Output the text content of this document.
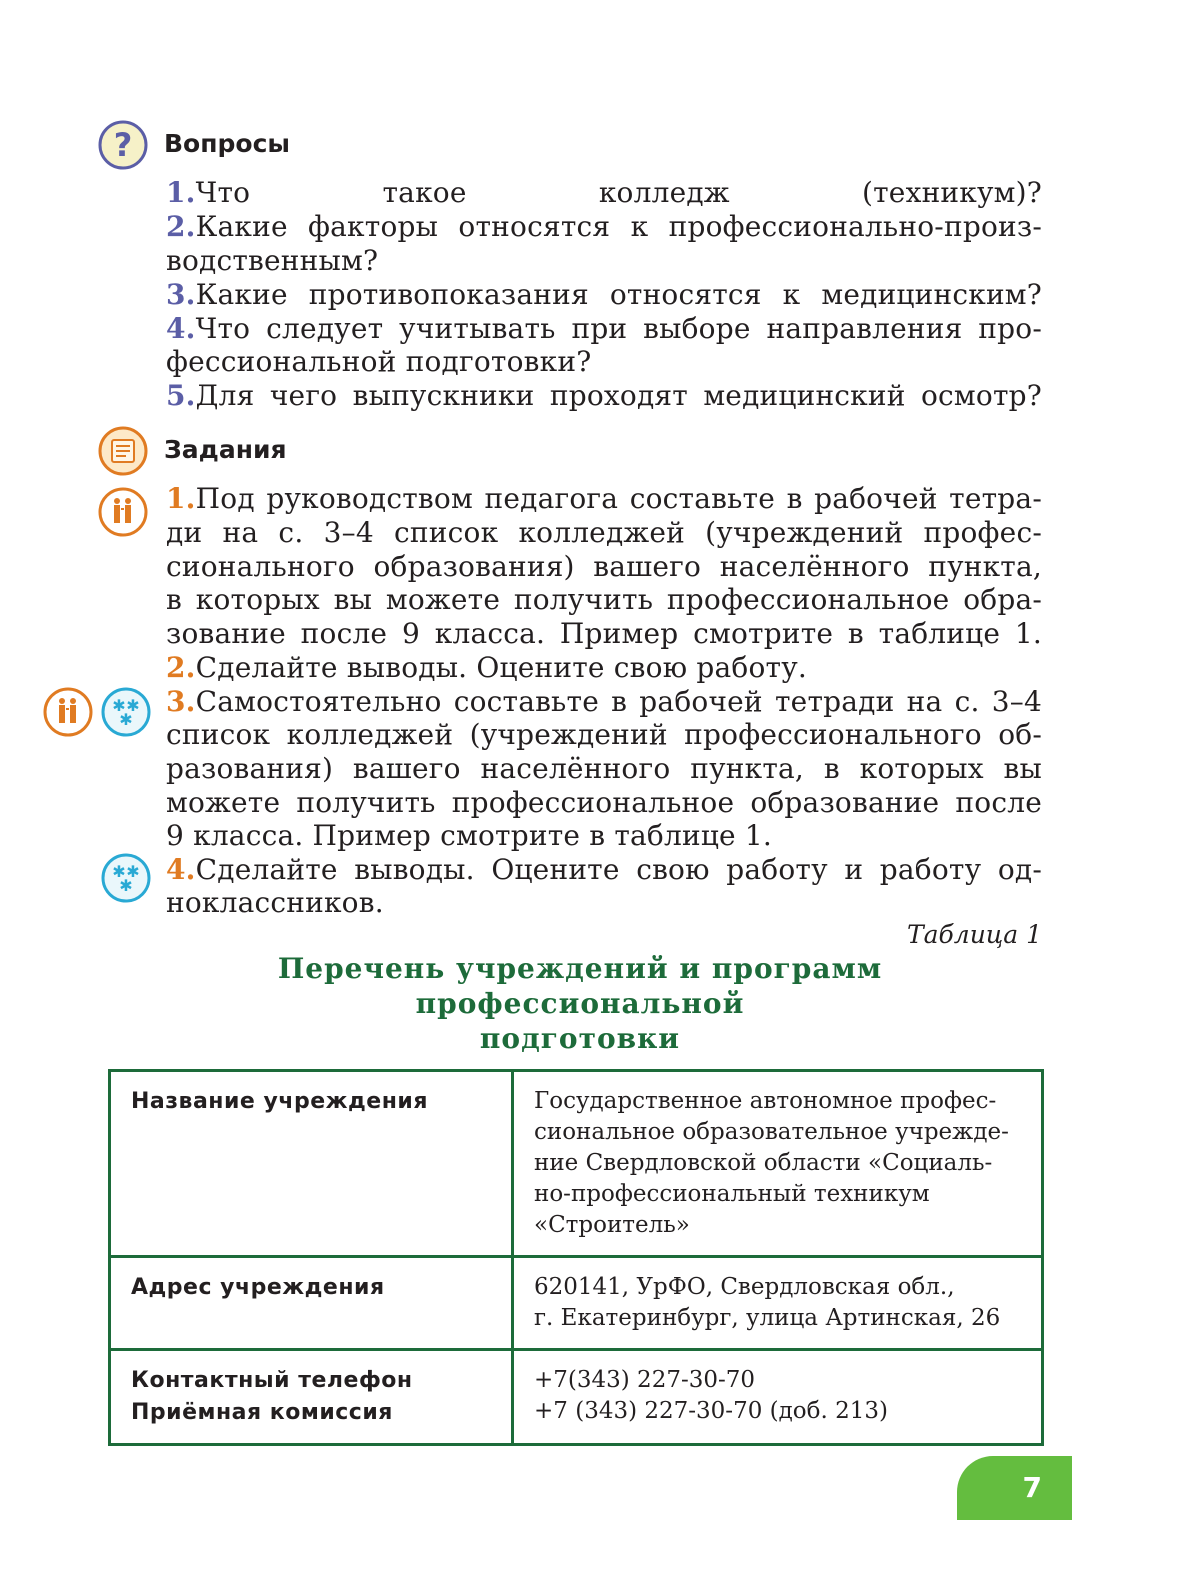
? Вопросы
1.Что такое колледж (техникум)?
2.Какие факторы относятся к профессионально-произ-
водственным?
3.Какие противопоказания относятся к медицинским?
4.Что следует учитывать при выборе направления про-
фессиональной подготовки?
5.Для чего выпускники проходят медицинский осмотр?
Задания
✱ ✱
✱
✱ ✱
✱
1.Под руководством педагога составьте в рабочей тетра-
ди на с. 3–4 список колледжей (учреждений профес-
сионального образования) вашего населённого пункта,
в которых вы можете получить профессиональное обра-
зование после 9 класса. Пример смотрите в таблице 1.
2.Сделайте выводы. Оцените свою работу.
3.Самостоятельно составьте в рабочей тетради на с. 3–4
список колледжей (учреждений профессионального об-
разования) вашего населённого пункта, в которых вы
можете получить профессиональное образование после
9 класса. Пример смотрите в таблице 1.
4.Сделайте выводы. Оцените свою работу и работу од-
ноклассников.
Таблица 1
Перечень учреждений и программ профессиональной
подготовки
Название учреждения	Государственное автономное профес-
сиональное образовательное учрежде-
ние Свердловской области «Социаль-
но-профессиональный техникум
«Строитель»

Адрес учреждения	620141, УрФО, Свердловская обл.,
г. Екатеринбург, улица Артинская, 26

Контактный телефон
Приёмная комиссия	+7(343) 227-30-70
+7 (343) 227-30-70 (доб. 213)
7
